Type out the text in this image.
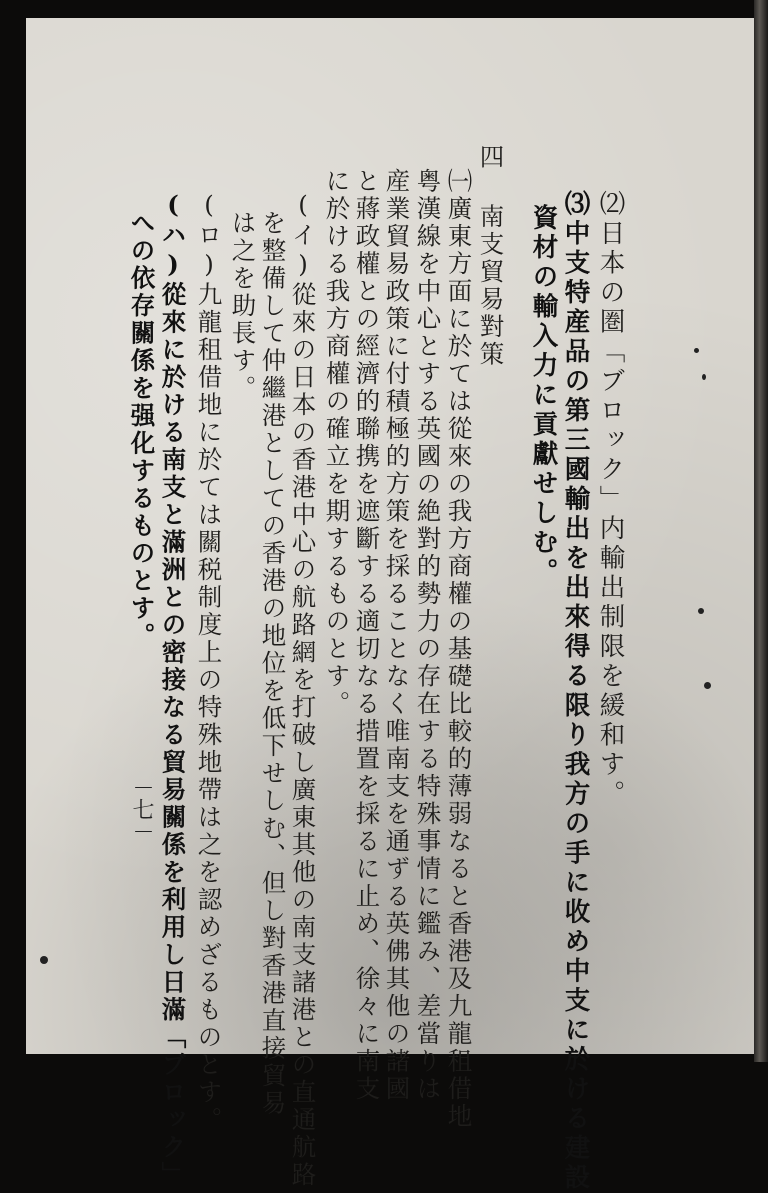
⑵日本の圏「ブロック」内輸出制限を緩和す。
⑶中支特産品の第三國輸出を出來得る限り我方の手に收め中支に於ける建設
資材の輸入力に貢獻せしむ。
四 南支貿易對策
㈠廣東方面に於ては從來の我方商權の基礎比較的薄弱なると香港及九龍租借地
粤漢線を中心とする英國の絶對的勢力の存在する特殊事情に鑑み、差當りは
産業貿易政策に付積極的方策を採ることなく唯南支を通ずる英佛其他の諸國
と蔣政權との經濟的聯携を遮斷する適切なる措置を採るに止め、徐々に南支
に於ける我方商權の確立を期するものとす。
(イ)從來の日本の香港中心の航路網を打破し廣東其他の南支諸港との直通航路
を整備して仲繼港としての香港の地位を低下せしむ、但し對香港直接貿易
は之を助長す。
(ロ)九龍租借地に於ては關税制度上の特殊地帶は之を認めざるものとす。
(ハ)從來に於ける南支と滿洲との密接なる貿易關係を利用し日滿「ブロック」
への依存關係を强化するものとす。
－七－
